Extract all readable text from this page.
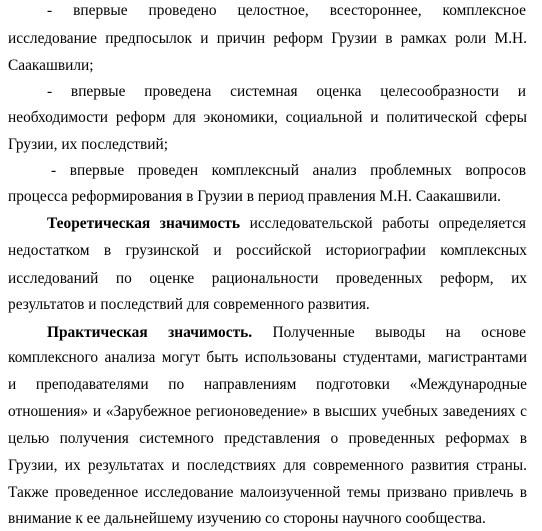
- впервые проведено целостное, всестороннее, комплексное
исследование предпосылок и причин реформ Грузии в рамках роли М.Н.
Саакашвили;
- впервые проведена системная оценка целесообразности и
необходимости реформ для экономики, социальной и политической сферы
Грузии, их последствий;
- впервые проведен комплексный анализ проблемных вопросов
процесса реформирования в Грузии в период правления М.Н. Саакашвили.
Теоретическая значимость исследовательской работы определяется
недостатком в грузинской и российской историографии комплексных
исследований по оценке рациональности проведенных реформ, их
результатов и последствий для современного развития.
Практическая значимость. Полученные выводы на основе
комплексного анализа могут быть использованы студентами, магистрантами
и преподавателями по направлениям подготовки «Международные
отношения» и «Зарубежное регионоведение» в высших учебных заведениях с
целью получения системного представления о проведенных реформах в
Грузии, их результатах и последствиях для современного развития страны.
Также проведенное исследование малоизученной темы призвано привлечь в
внимание к ее дальнейшему изучению со стороны научного сообщества.
